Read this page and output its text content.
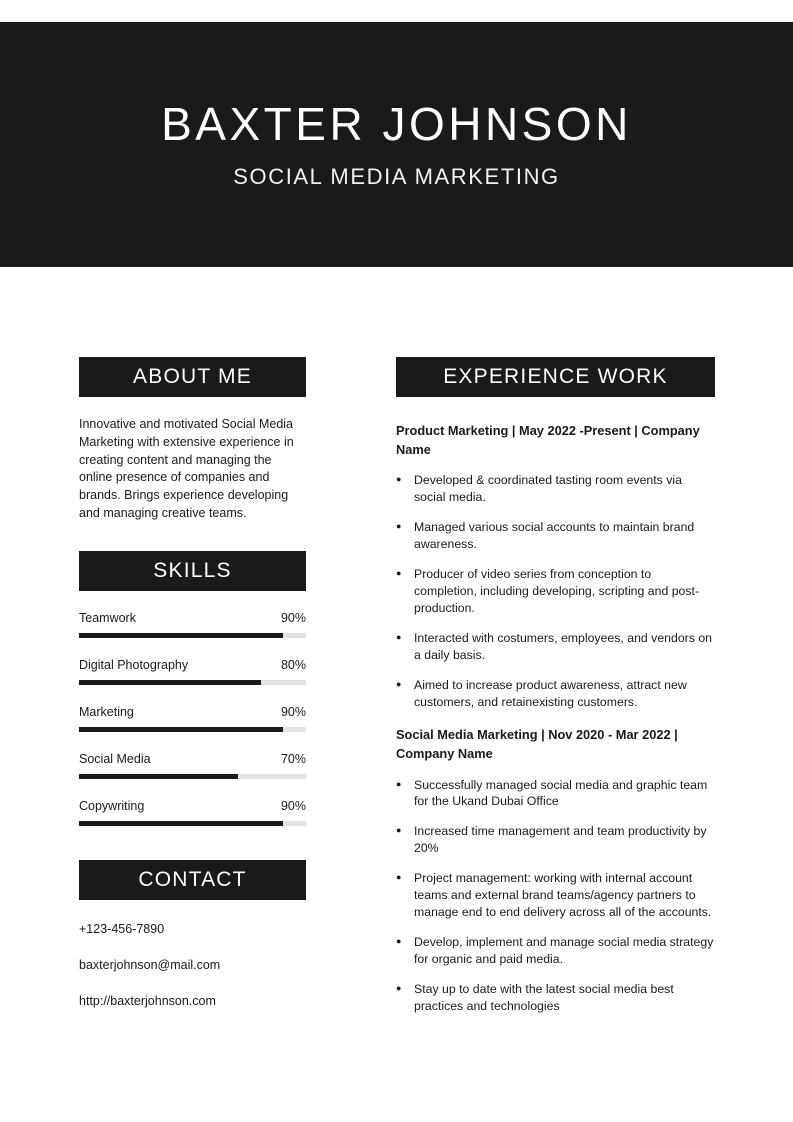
BAXTER JOHNSON
SOCIAL MEDIA MARKETING
ABOUT ME
Innovative and motivated Social Media Marketing with extensive experience in creating content and managing the online presence of companies and brands. Brings experience developing and managing creative teams.
SKILLS
Teamwork	90%
Digital Photography	80%
Marketing	90%
Social Media	70%
Copywriting	90%
CONTACT
+123-456-7890
baxterjohnson@mail.com
http://baxterjohnson.com
EXPERIENCE WORK
Product Marketing | May 2022 -Present | Company Name
●	Developed & coordinated tasting room events via social media.
●	Managed various social accounts to maintain brand awareness.
●	Producer of video series from conception to completion, including developing, scripting and post-production.
●	Interacted with costumers, employees, and vendors on a daily basis.
●	Aimed to increase product awareness, attract new customers, and retainexisting customers.
Social Media Marketing | Nov 2020 - Mar 2022 | Company Name
●	Successfully managed social media and graphic team for the Ukand Dubai Office
●	Increased time management and team productivity by 20%
●	Project management: working with internal account teams and external brand teams/agency partners to manage end to end delivery across all of the accounts.
●	Develop, implement and manage social media strategy for organic and paid media.
●	Stay up to date with the latest social media best practices and technologies
